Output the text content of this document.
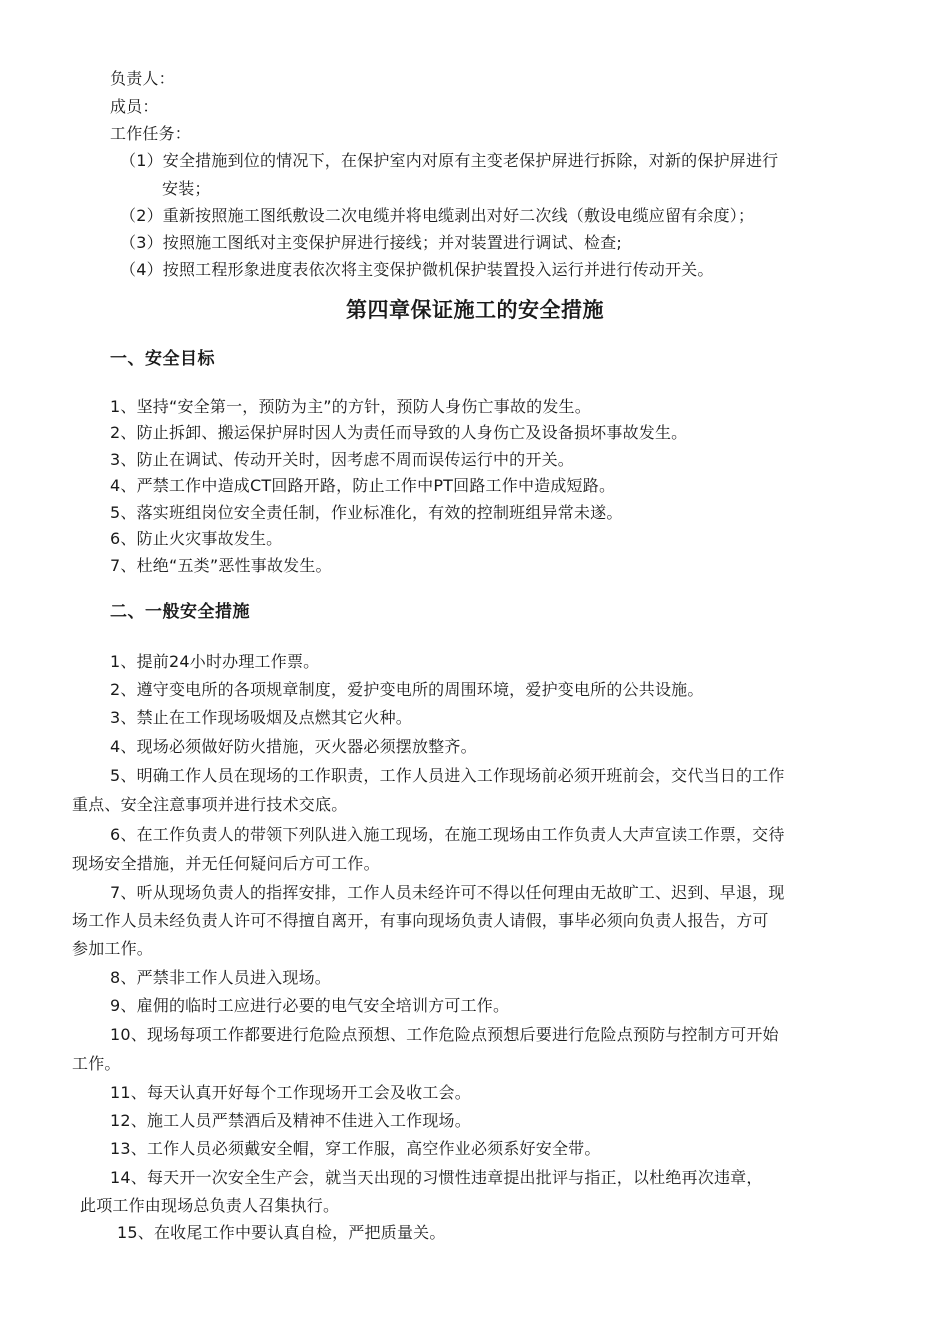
负责人：
成员：
工作任务：
（1）安全措施到位的情况下，在保护室内对原有主变老保护屏进行拆除，对新的保护屏进行
安装；
（2）重新按照施工图纸敷设二次电缆并将电缆剥出对好二次线（敷设电缆应留有余度）；
（3）按照施工图纸对主变保护屏进行接线；并对装置进行调试、检查;
（4）按照工程形象进度表依次将主变保护微机保护装置投入运行并进行传动开关。
第四章保证施工的安全措施
一、安全目标
1、坚持“安全第一，预防为主”的方针，预防人身伤亡事故的发生。
2、防止拆卸、搬运保护屏时因人为责任而导致的人身伤亡及设备损坏事故发生。
3、防止在调试、传动开关时，因考虑不周而误传运行中的开关。
4、严禁工作中造成CT回路开路，防止工作中PT回路工作中造成短路。
5、落实班组岗位安全责任制，作业标准化，有效的控制班组异常未遂。
6、防止火灾事故发生。
7、杜绝“五类”恶性事故发生。
二、一般安全措施
1、提前24小时办理工作票。
2、遵守变电所的各项规章制度，爱护变电所的周围环境，爱护变电所的公共设施。
3、禁止在工作现场吸烟及点燃其它火种。
4、现场必须做好防火措施，灭火器必须摆放整齐。
5、明确工作人员在现场的工作职责，工作人员进入工作现场前必须开班前会，交代当日的工作
重点、安全注意事项并进行技术交底。
6、在工作负责人的带领下列队进入施工现场，在施工现场由工作负责人大声宣读工作票，交待
现场安全措施，并无任何疑问后方可工作。
7、听从现场负责人的指挥安排，工作人员未经许可不得以任何理由无故旷工、迟到、早退，现
场工作人员未经负责人许可不得擅自离开，有事向现场负责人请假，事毕必须向负责人报告，方可
参加工作。
8、严禁非工作人员进入现场。
9、雇佣的临时工应进行必要的电气安全培训方可工作。
10、现场每项工作都要进行危险点预想、工作危险点预想后要进行危险点预防与控制方可开始
工作。
11、每天认真开好每个工作现场开工会及收工会。
12、施工人员严禁酒后及精神不佳进入工作现场。
13、工作人员必须戴安全帽，穿工作服，高空作业必须系好安全带。
14、每天开一次安全生产会，就当天出现的习惯性违章提出批评与指正，以杜绝再次违章，
此项工作由现场总负责人召集执行。
15、在收尾工作中要认真自检，严把质量关。
